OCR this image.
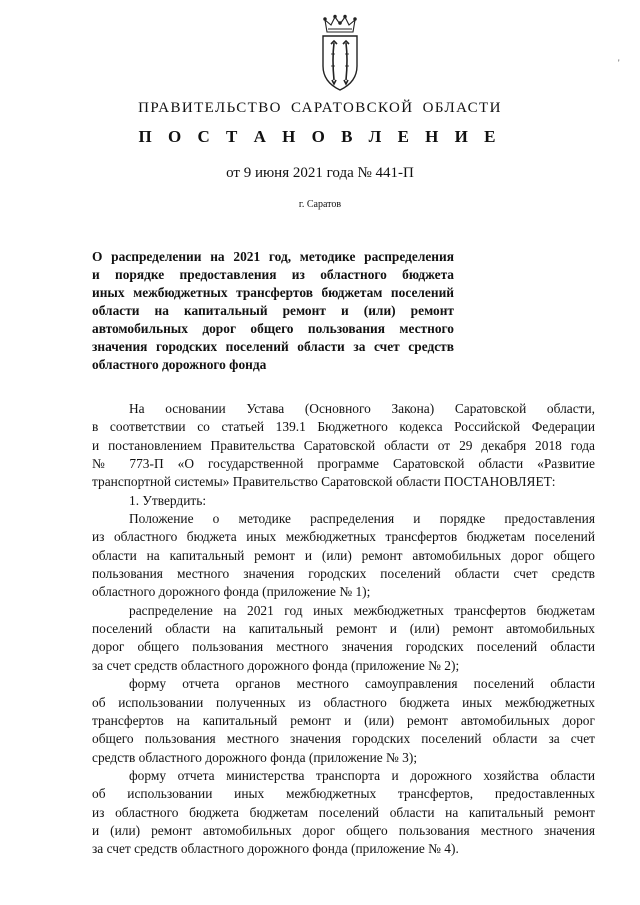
'
ПРАВИТЕЛЬСТВО САРАТОВСКОЙ ОБЛАСТИ
П О С Т А Н О В Л Е Н И Е
от 9 июня 2021 года № 441-П
г. Саратов
О распределении на 2021 год, методике распределения
и порядке предоставления из областного бюджета
иных межбюджетных трансфертов бюджетам поселений
области на капитальный ремонт и (или) ремонт
автомобильных дорог общего пользования местного
значения городских поселений области за счет средств
областного дорожного фонда
На основании Устава (Основного Закона) Саратовской области,
в соответствии со статьей 139.1 Бюджетного кодекса Российской Федерации
и постановлением Правительства Саратовской области от 29 декабря 2018 года
№ 773-П «О государственной программе Саратовской области «Развитие
транспортной системы» Правительство Саратовской области ПОСТАНОВЛЯЕТ:
1. Утвердить:
Положение о методике распределения и порядке предоставления
из областного бюджета иных межбюджетных трансфертов бюджетам поселений
области на капитальный ремонт и (или) ремонт автомобильных дорог общего
пользования местного значения городских поселений области счет средств
областного дорожного фонда (приложение № 1);
распределение на 2021 год иных межбюджетных трансфертов бюджетам
поселений области на капитальный ремонт и (или) ремонт автомобильных
дорог общего пользования местного значения городских поселений области
за счет средств областного дорожного фонда (приложение № 2);
форму отчета органов местного самоуправления поселений области
об использовании полученных из областного бюджета иных межбюджетных
трансфертов на капитальный ремонт и (или) ремонт автомобильных дорог
общего пользования местного значения городских поселений области за счет
средств областного дорожного фонда (приложение № 3);
форму отчета министерства транспорта и дорожного хозяйства области
об использовании иных межбюджетных трансфертов, предоставленных
из областного бюджета бюджетам поселений области на капитальный ремонт
и (или) ремонт автомобильных дорог общего пользования местного значения
за счет средств областного дорожного фонда (приложение № 4).
